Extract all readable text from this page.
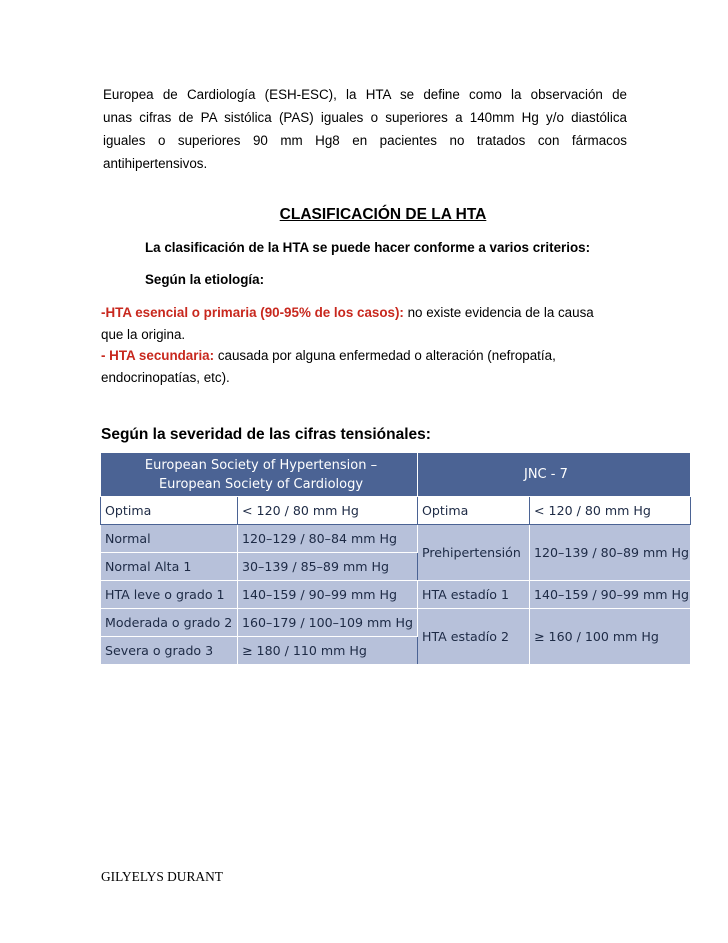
Europea de Cardiología (ESH-ESC), la HTA se define como la observación de
unas cifras de PA sistólica (PAS) iguales o superiores a 140mm Hg y/o diastólica
iguales o superiores 90 mm Hg8 en pacientes no tratados con fármacos
antihipertensivos.
CLASIFICACIÓN DE LA HTA
La clasificación de la HTA se puede hacer conforme a varios criterios:
Según la etiología:
-HTA esencial o primaria (90-95% de los casos): no existe evidencia de la causa que la origina.
- HTA secundaria: causada por alguna enfermedad o alteración (nefropatía, endocrinopatías, etc).
Según la severidad de las cifras tensiónales:
European Society of Hypertension –
European Society of Cardiology		JNC - 7	
Optima	< 120 / 80 mm Hg	Optima	< 120 / 80 mm Hg
Normal	120–129 / 80–84 mm Hg	Prehipertensión	120–139 / 80–89 mm Hg
Normal Alta 1	30–139 / 85–89 mm Hg		
HTA leve o grado 1	140–159 / 90–99 mm Hg	HTA estadío 1	140–159 / 90–99 mm Hg
Moderada o grado 2	160–179 / 100–109 mm Hg	HTA estadío 2	≥ 160 / 100 mm Hg
Severa o grado 3	≥ 180 / 110 mm Hg		
GILYELYS DURANT
